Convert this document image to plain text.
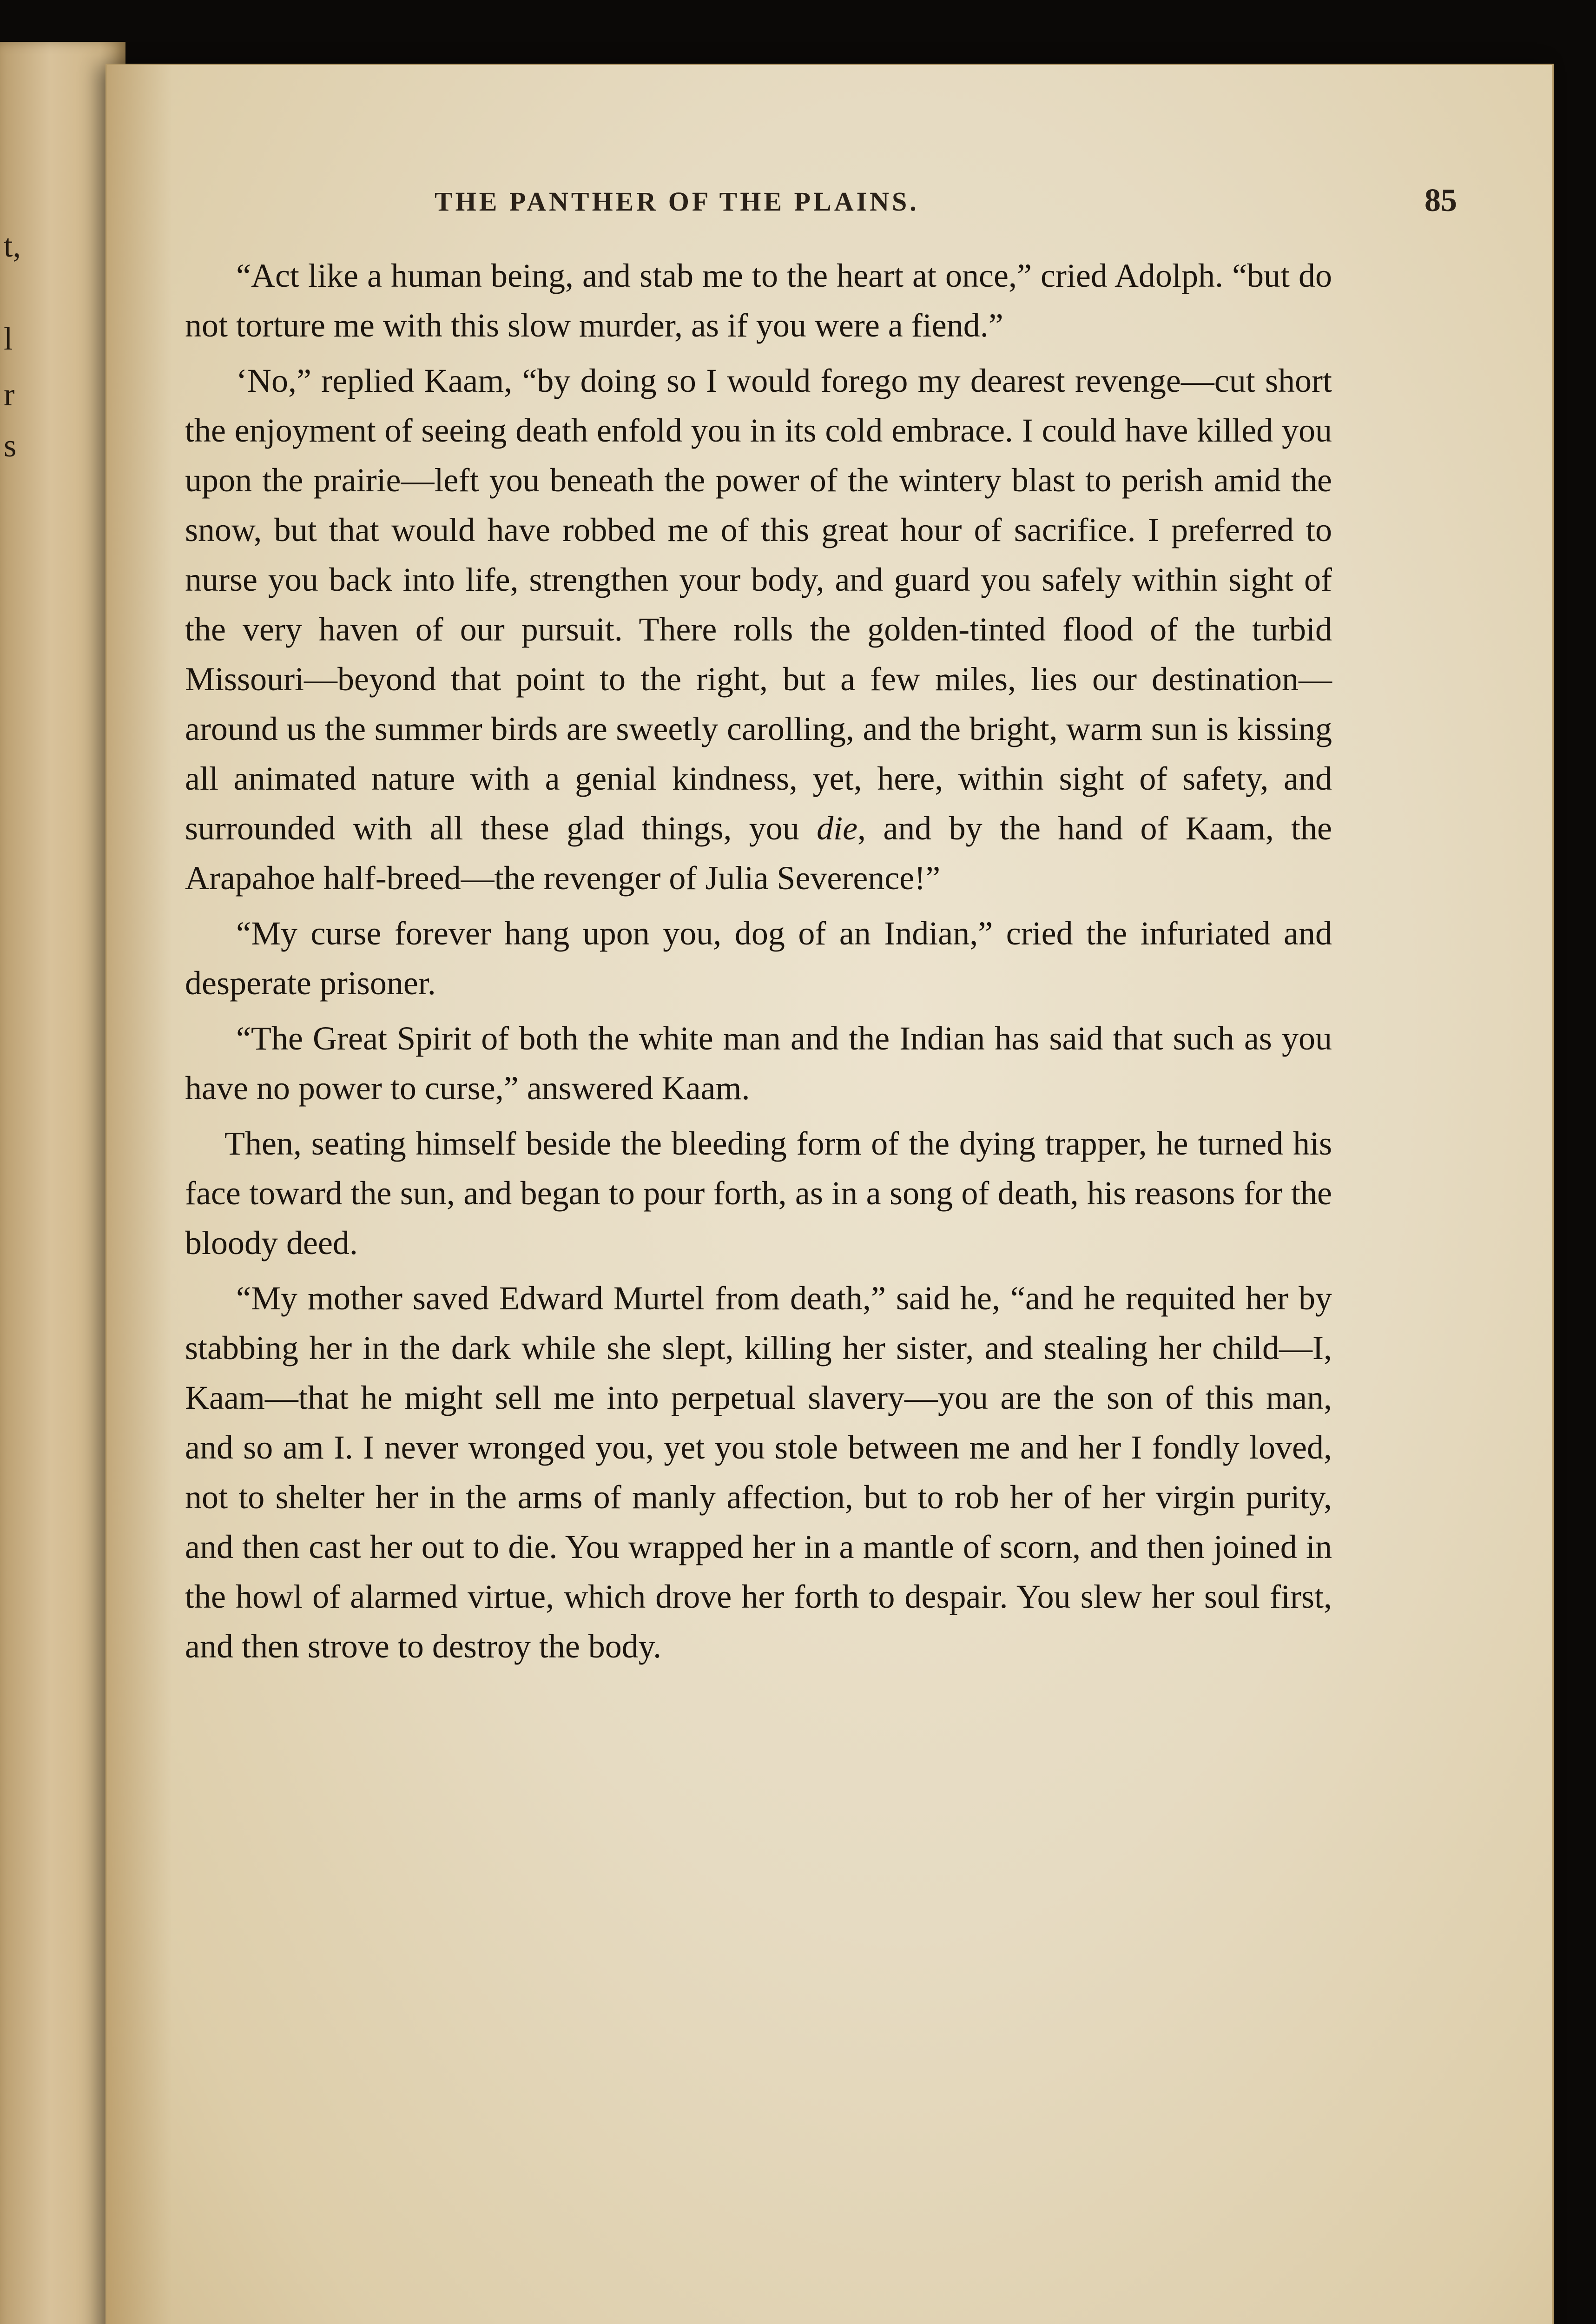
t,
l
r
s
THE PANTHER OF THE PLAINS.	85

“Act like a human being, and stab me to the heart at once,” cried Adolph. “but do not torture me with this slow murder, as if you were a fiend.”

‘No,” replied Kaam, “by doing so I would forego my dearest revenge—cut short the enjoyment of seeing death enfold you in its cold embrace. I could have killed you upon the prairie—left you beneath the power of the wintery blast to perish amid the snow, but that would have robbed me of this great hour of sacrifice. I preferred to nurse you back into life, strengthen your body, and guard you safely within sight of the very haven of our pursuit. There rolls the golden-tinted flood of the turbid Missouri—beyond that point to the right, but a few miles, lies our destination—around us the summer birds are sweetly carolling, and the bright, warm sun is kissing all animated nature with a genial kindness, yet, here, within sight of safety, and surrounded with all these glad things, you die, and by the hand of Kaam, the Arapahoe half-breed—the revenger of Julia Severence!”

“My curse forever hang upon you, dog of an Indian,” cried the infuriated and desperate prisoner.

“The Great Spirit of both the white man and the Indian has said that such as you have no power to curse,” answered Kaam.

Then, seating himself beside the bleeding form of the dying trapper, he turned his face toward the sun, and began to pour forth, as in a song of death, his reasons for the bloody deed.

“My mother saved Edward Murtel from death,” said he, “and he requited her by stabbing her in the dark while she slept, killing her sister, and stealing her child—I, Kaam—that he might sell me into perpetual slavery—you are the son of this man, and so am I. I never wronged you, yet you stole between me and her I fondly loved, not to shelter her in the arms of manly affection, but to rob her of her virgin purity, and then cast her out to die. You wrapped her in a mantle of scorn, and then joined in the howl of alarmed virtue, which drove her forth to despair. You slew her soul first, and then strove to destroy the body.
